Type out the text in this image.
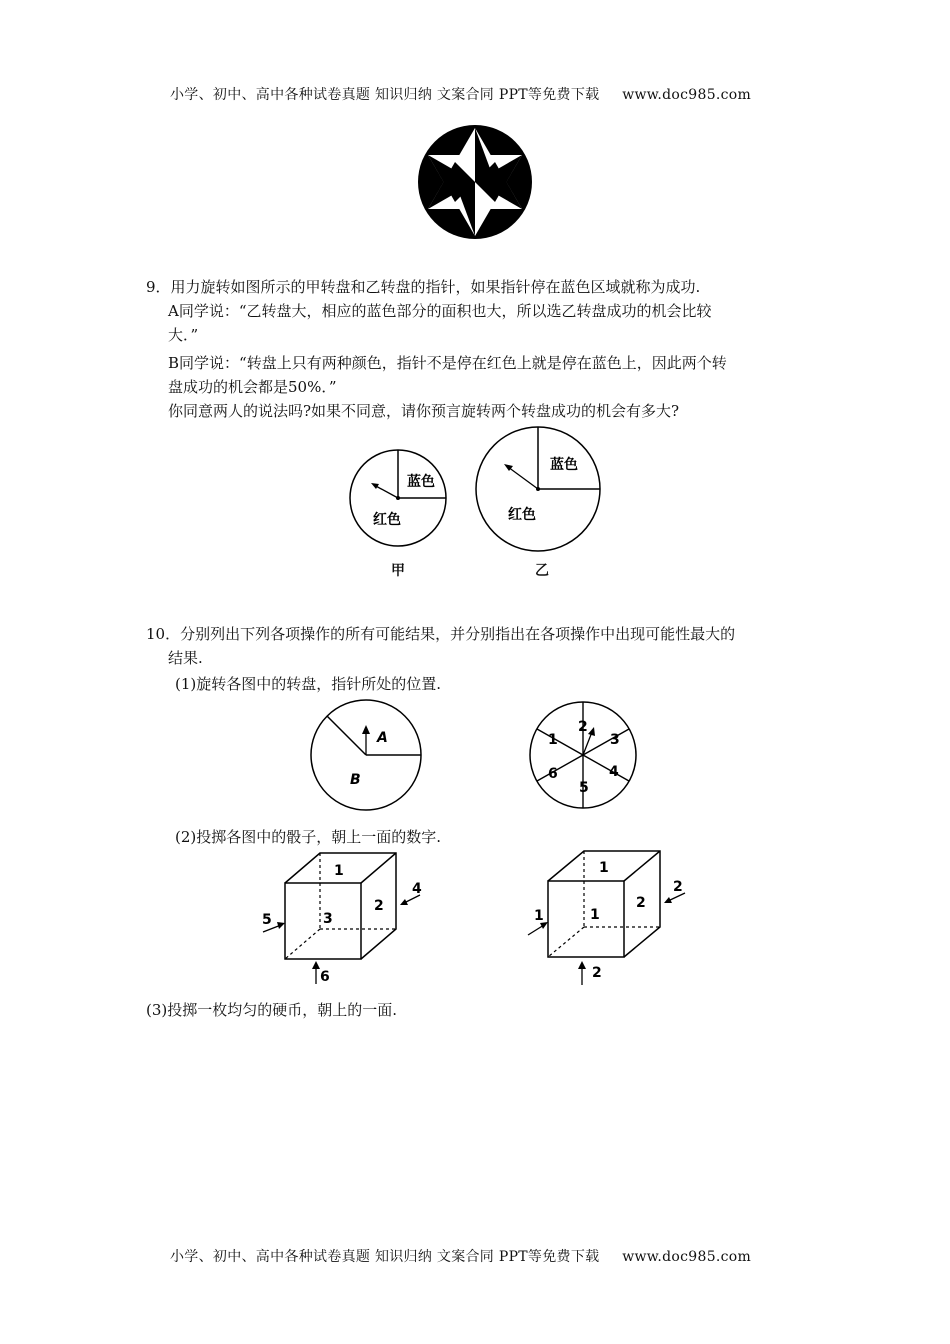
小学、初中、高中各种试卷真题 知识归纳 文案合同 PPT等免费下载 www.doc985.com
9．用力旋转如图所示的甲转盘和乙转盘的指针，如果指针停在蓝色区域就称为成功.
A同学说：“乙转盘大，相应的蓝色部分的面积也大，所以选乙转盘成功的机会比较
大．”
B同学说：“转盘上只有两种颜色，指针不是停在红色上就是停在蓝色上，因此两个转
盘成功的机会都是50%．”
你同意两人的说法吗?如果不同意，请你预言旋转两个转盘成功的机会有多大?
蓝色
红色
甲
蓝色
红色
乙
10．分别列出下列各项操作的所有可能结果，并分别指出在各项操作中出现可能性最大的
结果.
(1)旋转各图中的转盘，指针所处的位置.
A
B
1
2
3
4
5
6
(2)投掷各图中的骰子，朝上一面的数字.
1
2
3
4
5
6
1
2
1
2
1
2
(3)投掷一枚均匀的硬币，朝上的一面.
小学、初中、高中各种试卷真题 知识归纳 文案合同 PPT等免费下载 www.doc985.com
